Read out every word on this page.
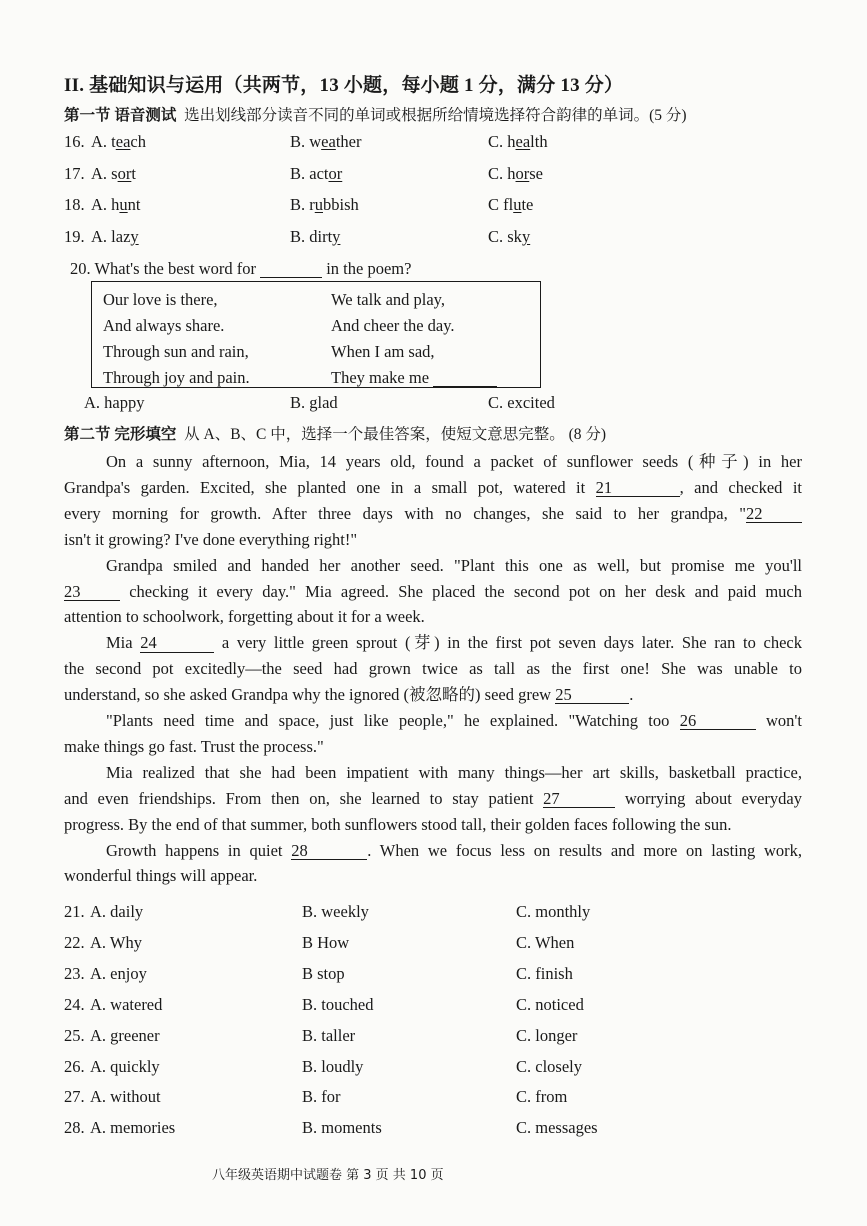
II. 基础知识与运用（共两节，13 小题，每小题 1 分，满分 13 分）
第一节 语音测试 选出划线部分读音不同的单词或根据所给情境选择符合韵律的单词。(5 分)
16. A. teach	B. weather	C. health
17. A. sort	B. actor	C. horse
18. A. hunt	B. rubbish	C flute
19. A. lazy	B. dirty	C. sky
20. What's the best word for	in the poem?
Our love is there,
And always share.
Through sun and rain,
Through joy and pain.
We talk and play,
And cheer the day.
When I am sad,
They make me
A. happy	B. glad	C. excited
第二节 完形填空 从 A、B、C 中，选择一个最佳答案，使短文意思完整。 (8 分)
On a sunny afternoon, Mia, 14 years old, found a packet of sunflower seeds (种子) in her
Grandpa's garden. Excited, she planted one in a small pot, watered it 21	, and checked it
every morning for growth. After three days with no changes, she said to her grandpa, "22
isn't it growing? I've done everything right!"
Grandpa smiled and handed her another seed. "Plant this one as well, but promise me you'll
23 checking it every day." Mia agreed. She placed the second pot on her desk and paid much
attention to schoolwork, forgetting about it for a week.
Mia 24	a very little green sprout (芽) in the first pot seven days later. She ran to check
the second pot excitedly—the seed had grown twice as tall as the first one! She was unable to
understand, so she asked Grandpa why the ignored (被忽略的) seed grew 25	.
"Plants need time and space, just like people," he explained. "Watching too 26	won't
make things go fast. Trust the process."
Mia realized that she had been impatient with many things—her art skills, basketball practice,
and even friendships. From then on, she learned to stay patient 27	worrying about everyday
progress. By the end of that summer, both sunflowers stood tall, their golden faces following the sun.
Growth happens in quiet 28	. When we focus less on results and more on lasting work,
wonderful things will appear.
21. A. daily	B. weekly	C. monthly
22. A. Why	B How	C. When
23. A. enjoy	B stop	C. finish
24. A. watered	B. touched	C. noticed
25. A. greener	B. taller	C. longer
26. A. quickly	B. loudly	C. closely
27. A. without	B. for	C. from
28. A. memories	B. moments	C. messages
八年级英语期中试题卷 第 3 页 共 10 页
